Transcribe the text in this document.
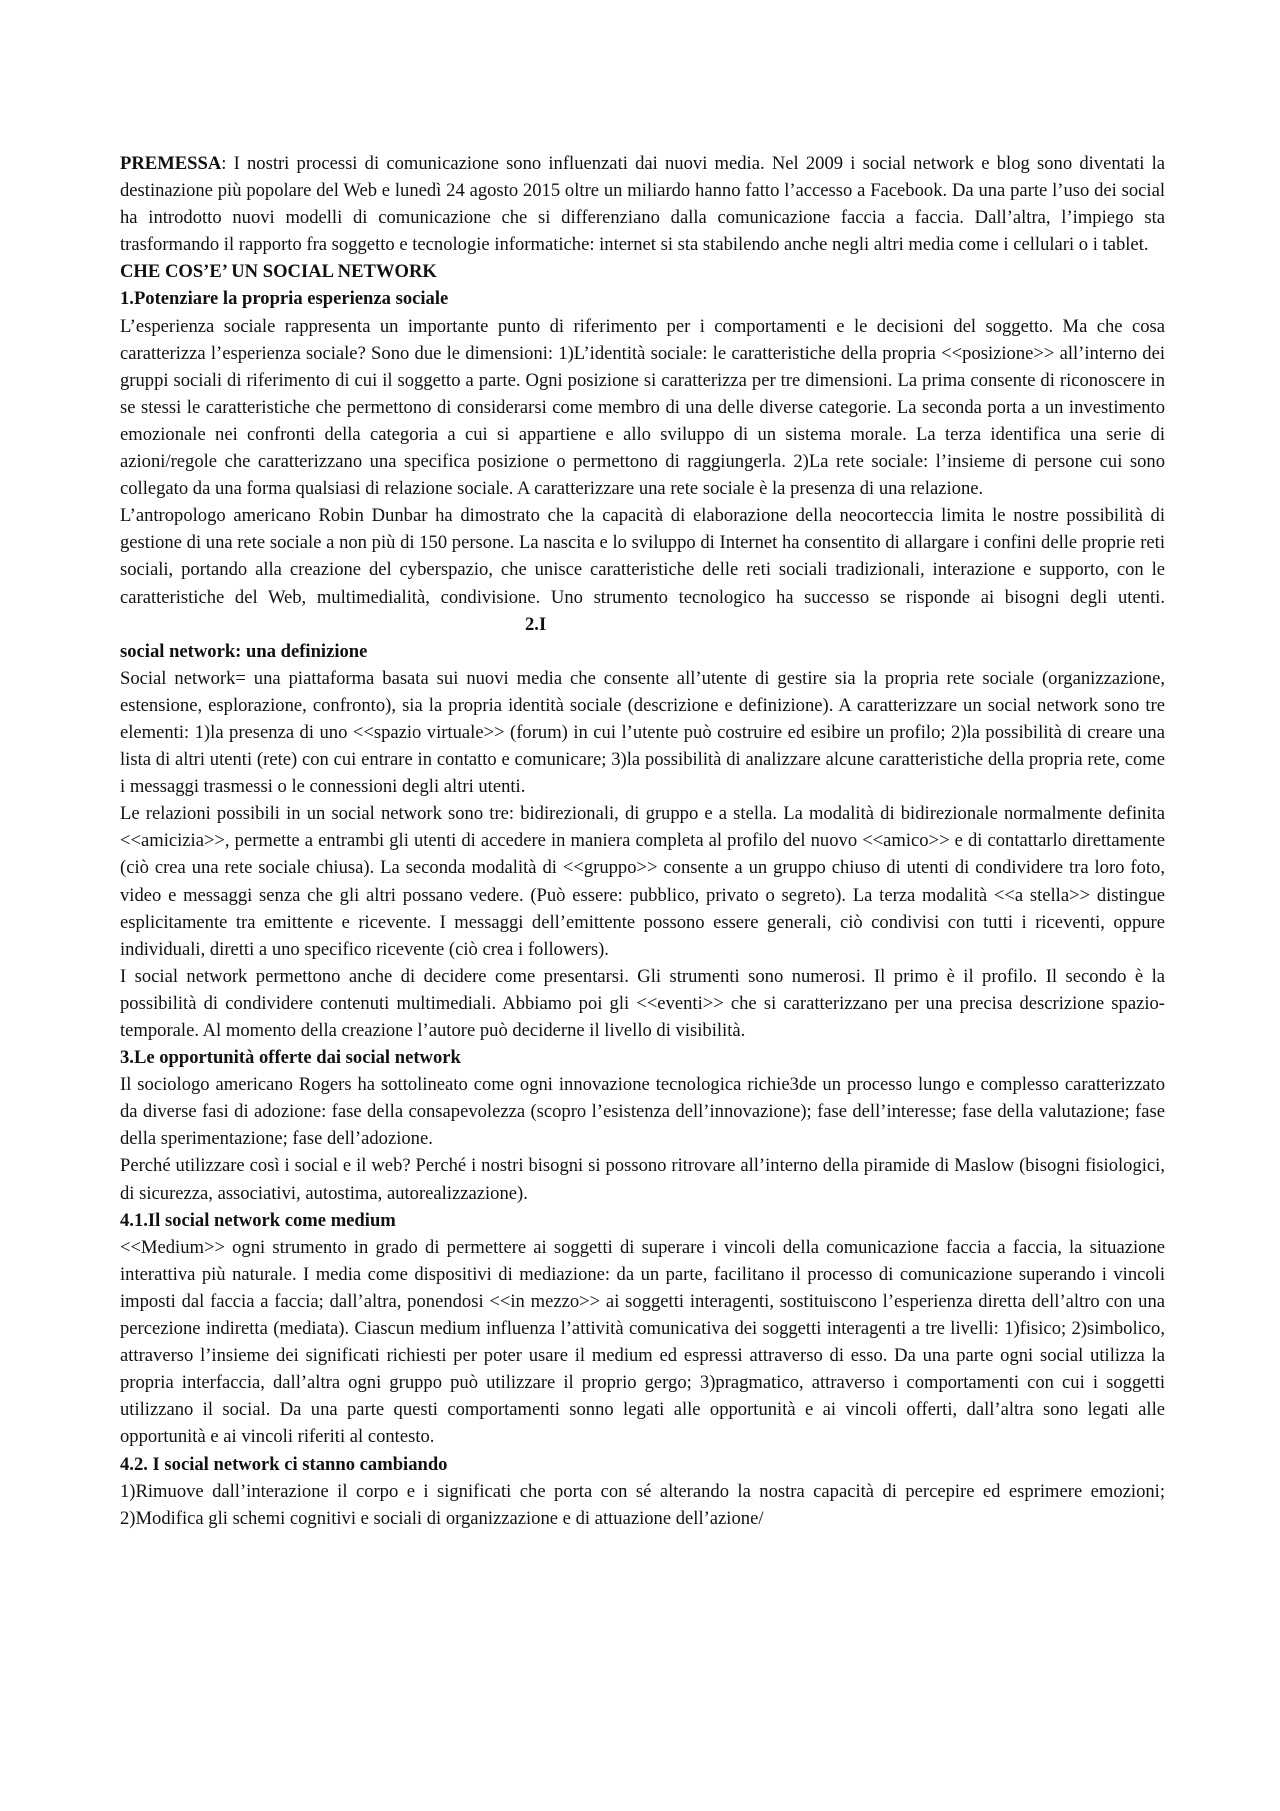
PREMESSA: I nostri processi di comunicazione sono influenzati dai nuovi media. Nel 2009 i social network e blog sono diventati la destinazione più popolare del Web e lunedì 24 agosto 2015 oltre un miliardo hanno fatto l’accesso a Facebook. Da una parte l’uso dei social ha introdotto nuovi modelli di comunicazione che si differenziano dalla comunicazione faccia a faccia. Dall’altra, l’impiego sta trasformando il rapporto fra soggetto e tecnologie informatiche: internet si sta stabilendo anche negli altri media come i cellulari o i tablet.

CHE COS’E’ UN SOCIAL NETWORK
1.Potenziare la propria esperienza sociale

L’esperienza sociale rappresenta un importante punto di riferimento per i comportamenti e le decisioni del soggetto. Ma che cosa caratterizza l’esperienza sociale? Sono due le dimensioni: 1)L’identità sociale: le caratteristiche della propria <<posizione>> all’interno dei gruppi sociali di riferimento di cui il soggetto a parte. Ogni posizione si caratterizza per tre dimensioni. La prima consente di riconoscere in se stessi le caratteristiche che permettono di considerarsi come membro di una delle diverse categorie. La seconda porta a un investimento emozionale nei confronti della categoria a cui si appartiene e allo sviluppo di un sistema morale. La terza identifica una serie di azioni/regole che caratterizzano una specifica posizione o permettono di raggiungerla. 2)La rete sociale: l’insieme di persone cui sono collegato da una forma qualsiasi di relazione sociale. A caratterizzare una rete sociale è la presenza di una relazione.

L’antropologo americano Robin Dunbar ha dimostrato che la capacità di elaborazione della neocorteccia limita le nostre possibilità di gestione di una rete sociale a non più di 150 persone. La nascita e lo sviluppo di Internet ha consentito di allargare i confini delle proprie reti sociali, portando alla creazione del cyberspazio, che unisce caratteristiche delle reti sociali tradizionali, interazione e supporto, con le caratteristiche del Web, multimedialità, condivisione. Uno strumento tecnologico ha successo se risponde ai bisogni degli utenti.2.I

social network: una definizione

Social network= una piattaforma basata sui nuovi media che consente all’utente di gestire sia la propria rete sociale (organizzazione, estensione, esplorazione, confronto), sia la propria identità sociale (descrizione e definizione). A caratterizzare un social network sono tre elementi: 1)la presenza di uno <<spazio virtuale>> (forum) in cui l’utente può costruire ed esibire un profilo; 2)la possibilità di creare una lista di altri utenti (rete) con cui entrare in contatto e comunicare; 3)la possibilità di analizzare alcune caratteristiche della propria rete, come i messaggi trasmessi o le connessioni degli altri utenti.

Le relazioni possibili in un social network sono tre: bidirezionali, di gruppo e a stella. La modalità di bidirezionale normalmente definita <<amicizia>>, permette a entrambi gli utenti di accedere in maniera completa al profilo del nuovo <<amico>> e di contattarlo direttamente (ciò crea una rete sociale chiusa). La seconda modalità di <<gruppo>> consente a un gruppo chiuso di utenti di condividere tra loro foto, video e messaggi senza che gli altri possano vedere. (Può essere: pubblico, privato o segreto). La terza modalità <<a stella>> distingue esplicitamente tra emittente e ricevente. I messaggi dell’emittente possono essere generali, ciò condivisi con tutti i riceventi, oppure individuali, diretti a uno specifico ricevente (ciò crea i followers).

I social network permettono anche di decidere come presentarsi. Gli strumenti sono numerosi. Il primo è il profilo. Il secondo è la possibilità di condividere contenuti multimediali. Abbiamo poi gli <<eventi>> che si caratterizzano per una precisa descrizione spazio-temporale. Al momento della creazione l’autore può deciderne il livello di visibilità.

3.Le opportunità offerte dai social network

Il sociologo americano Rogers ha sottolineato come ogni innovazione tecnologica richie3de un processo lungo e complesso caratterizzato da diverse fasi di adozione: fase della consapevolezza (scopro l’esistenza dell’innovazione); fase dell’interesse; fase della valutazione; fase della sperimentazione; fase dell’adozione.

Perché utilizzare così i social e il web? Perché i nostri bisogni si possono ritrovare all’interno della piramide di Maslow (bisogni fisiologici, di sicurezza, associativi, autostima, autorealizzazione).

4.1.Il social network come medium

<<Medium>> ogni strumento in grado di permettere ai soggetti di superare i vincoli della comunicazione faccia a faccia, la situazione interattiva più naturale. I media come dispositivi di mediazione: da un parte, facilitano il processo di comunicazione superando i vincoli imposti dal faccia a faccia; dall’altra, ponendosi <<in mezzo>> ai soggetti interagenti, sostituiscono l’esperienza diretta dell’altro con una percezione indiretta (mediata). Ciascun medium influenza l’attività comunicativa dei soggetti interagenti a tre livelli: 1)fisico; 2)simbolico, attraverso l’insieme dei significati richiesti per poter usare il medium ed espressi attraverso di esso. Da una parte ogni social utilizza la propria interfaccia, dall’altra ogni gruppo può utilizzare il proprio gergo; 3)pragmatico, attraverso i comportamenti con cui i soggetti utilizzano il social. Da una parte questi comportamenti sonno legati alle opportunità e ai vincoli offerti, dall’altra sono legati alle opportunità e ai vincoli riferiti al contesto.

4.2. I social network ci stanno cambiando

1)Rimuove dall’interazione il corpo e i significati che porta con sé alterando la nostra capacità di percepire ed esprimere emozioni; 2)Modifica gli schemi cognitivi e sociali di organizzazione e di attuazione dell’azione/
